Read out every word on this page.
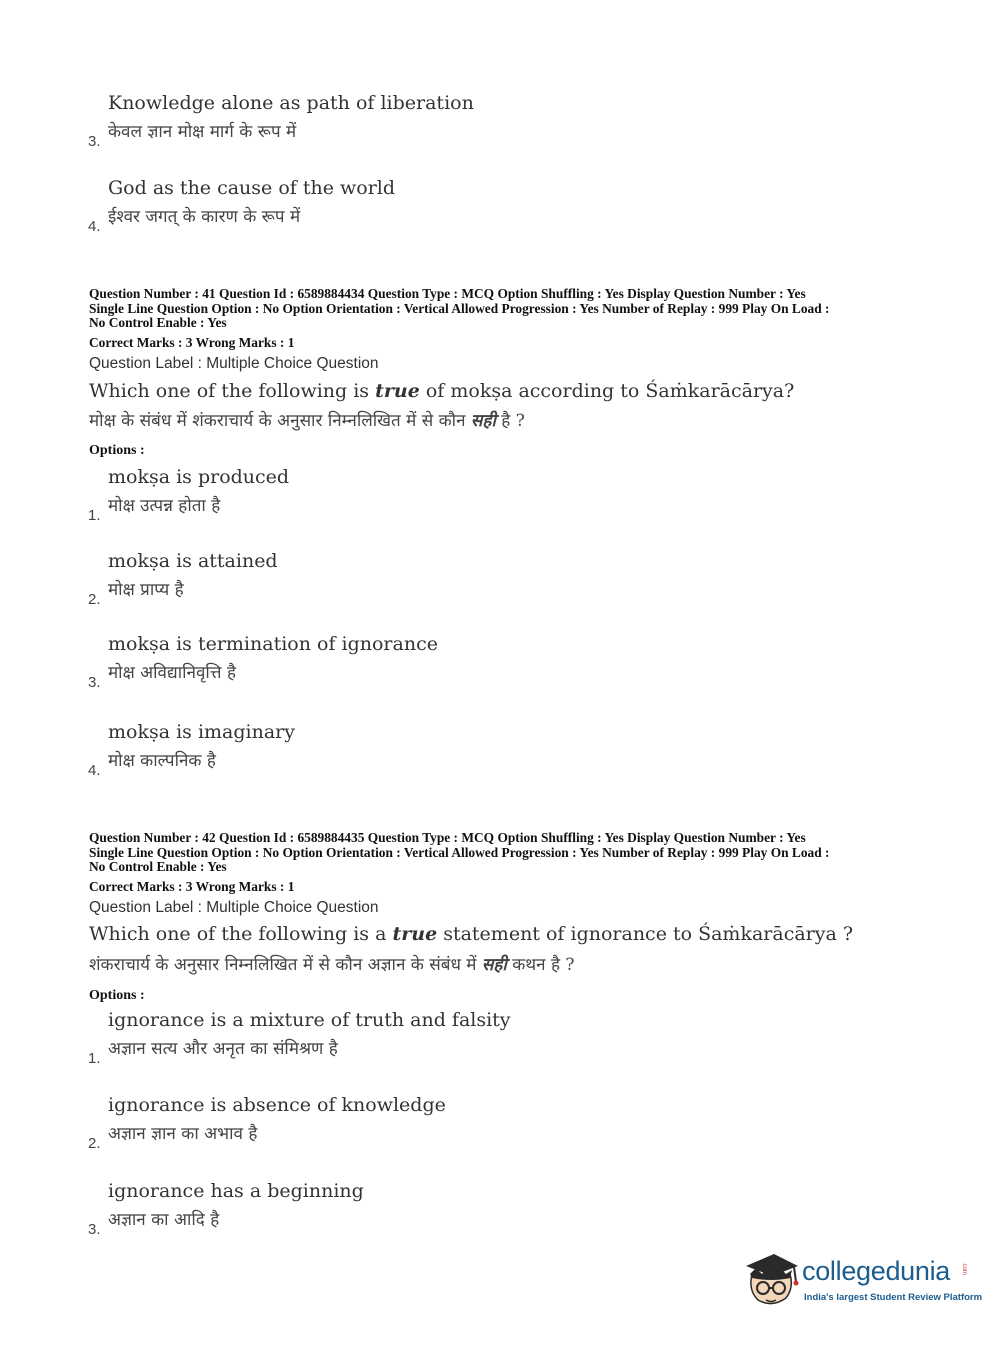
Knowledge alone as path of liberation
केवल ज्ञान मोक्ष मार्ग के रूप में
3.
God as the cause of the world
ईश्वर जगत् के कारण के रूप में
4.
Question Number : 41 Question Id : 6589884434 Question Type : MCQ Option Shuffling : Yes Display Question Number : Yes
Single Line Question Option : No Option Orientation : Vertical Allowed Progression : Yes Number of Replay : 999 Play On Load :
No Control Enable : Yes
Correct Marks : 3 Wrong Marks : 1
Question Label : Multiple Choice Question
Which one of the following is true of mokṣa according to Śaṁkarācārya?
मोक्ष के संबंध में शंकराचार्य के अनुसार निम्नलिखित में से कौन सही है ?
Options :
mokṣa is produced
मोक्ष उत्पन्न होता है
1.
mokṣa is attained
मोक्ष प्राप्य है
2.
mokṣa is termination of ignorance
मोक्ष अविद्यानिवृत्ति है
3.
mokṣa is imaginary
मोक्ष काल्पनिक है
4.
Question Number : 42 Question Id : 6589884435 Question Type : MCQ Option Shuffling : Yes Display Question Number : Yes
Single Line Question Option : No Option Orientation : Vertical Allowed Progression : Yes Number of Replay : 999 Play On Load :
No Control Enable : Yes
Correct Marks : 3 Wrong Marks : 1
Question Label : Multiple Choice Question
Which one of the following is a true statement of ignorance to Śaṁkarācārya ?
शंकराचार्य के अनुसार निम्नलिखित में से कौन अज्ञान के संबंध में सही कथन है ?
Options :
ignorance is a mixture of truth and falsity
अज्ञान सत्य और अनृत का संमिश्रण है
1.
ignorance is absence of knowledge
अज्ञान ज्ञान का अभाव है
2.
ignorance has a beginning
अज्ञान का आदि है
3.
collegedunia .com
India's largest Student Review Platform
